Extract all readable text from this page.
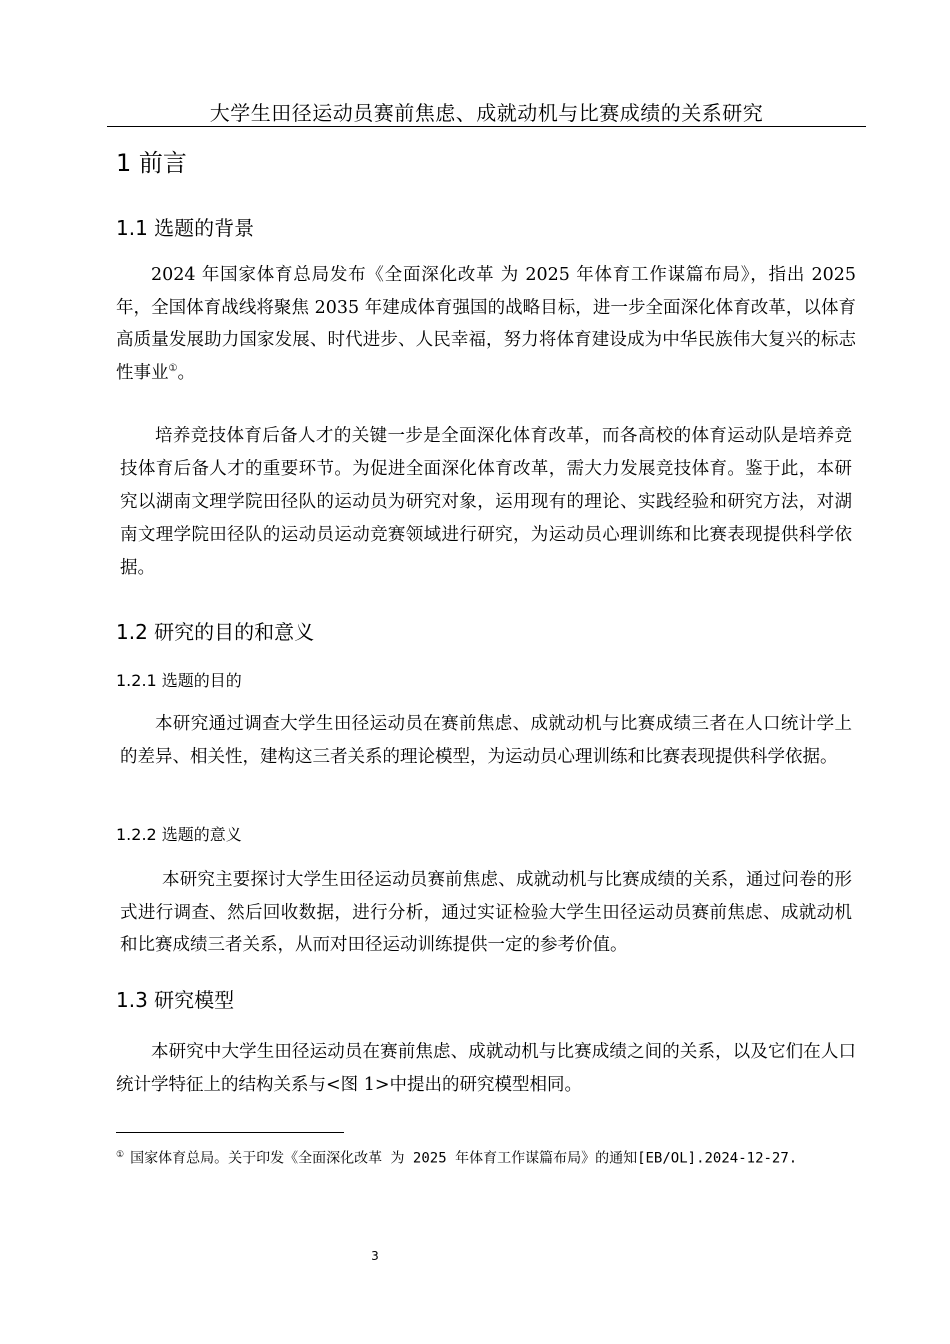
大学生田径运动员赛前焦虑、成就动机与比赛成绩的关系研究
1 前言
1.1 选题的背景

2024 年国家体育总局发布《全面深化改革 为 2025 年体育工作谋篇布局》，指出 2025 年，全国体育战线将聚焦 2035 年建成体育强国的战略目标，进一步全面深化体育改革，以体育高质量发展助力国家发展、时代进步、人民幸福，努力将体育建设成为中华民族伟大复兴的标志性事业①。

培养竞技体育后备人才的关键一步是全面深化体育改革，而各高校的体育运动队是培养竞技体育后备人才的重要环节。为促进全面深化体育改革，需大力发展竞技体育。鉴于此，本研究以湖南文理学院田径队的运动员为研究对象，运用现有的理论、实践经验和研究方法，对湖南文理学院田径队的运动员运动竞赛领域进行研究，为运动员心理训练和比赛表现提供科学依据。

1.2 研究的目的和意义
1.2.1 选题的目的

本研究通过调查大学生田径运动员在赛前焦虑、成就动机与比赛成绩三者在人口统计学上的差异、相关性，建构这三者关系的理论模型，为运动员心理训练和比赛表现提供科学依据。

1.2.2 选题的意义

本研究主要探讨大学生田径运动员赛前焦虑、成就动机与比赛成绩的关系，通过问卷的形式进行调查、然后回收数据，进行分析，通过实证检验大学生田径运动员赛前焦虑、成就动机和比赛成绩三者关系，从而对田径运动训练提供一定的参考价值。

1.3 研究模型

本研究中大学生田径运动员在赛前焦虑、成就动机与比赛成绩之间的关系，以及它们在人口统计学特征上的结构关系与<图 1>中提出的研究模型相同。

① 国家体育总局。关于印发《全面深化改革 为 2025 年体育工作谋篇布局》的通知[EB/OL].2024-12-27.
3
